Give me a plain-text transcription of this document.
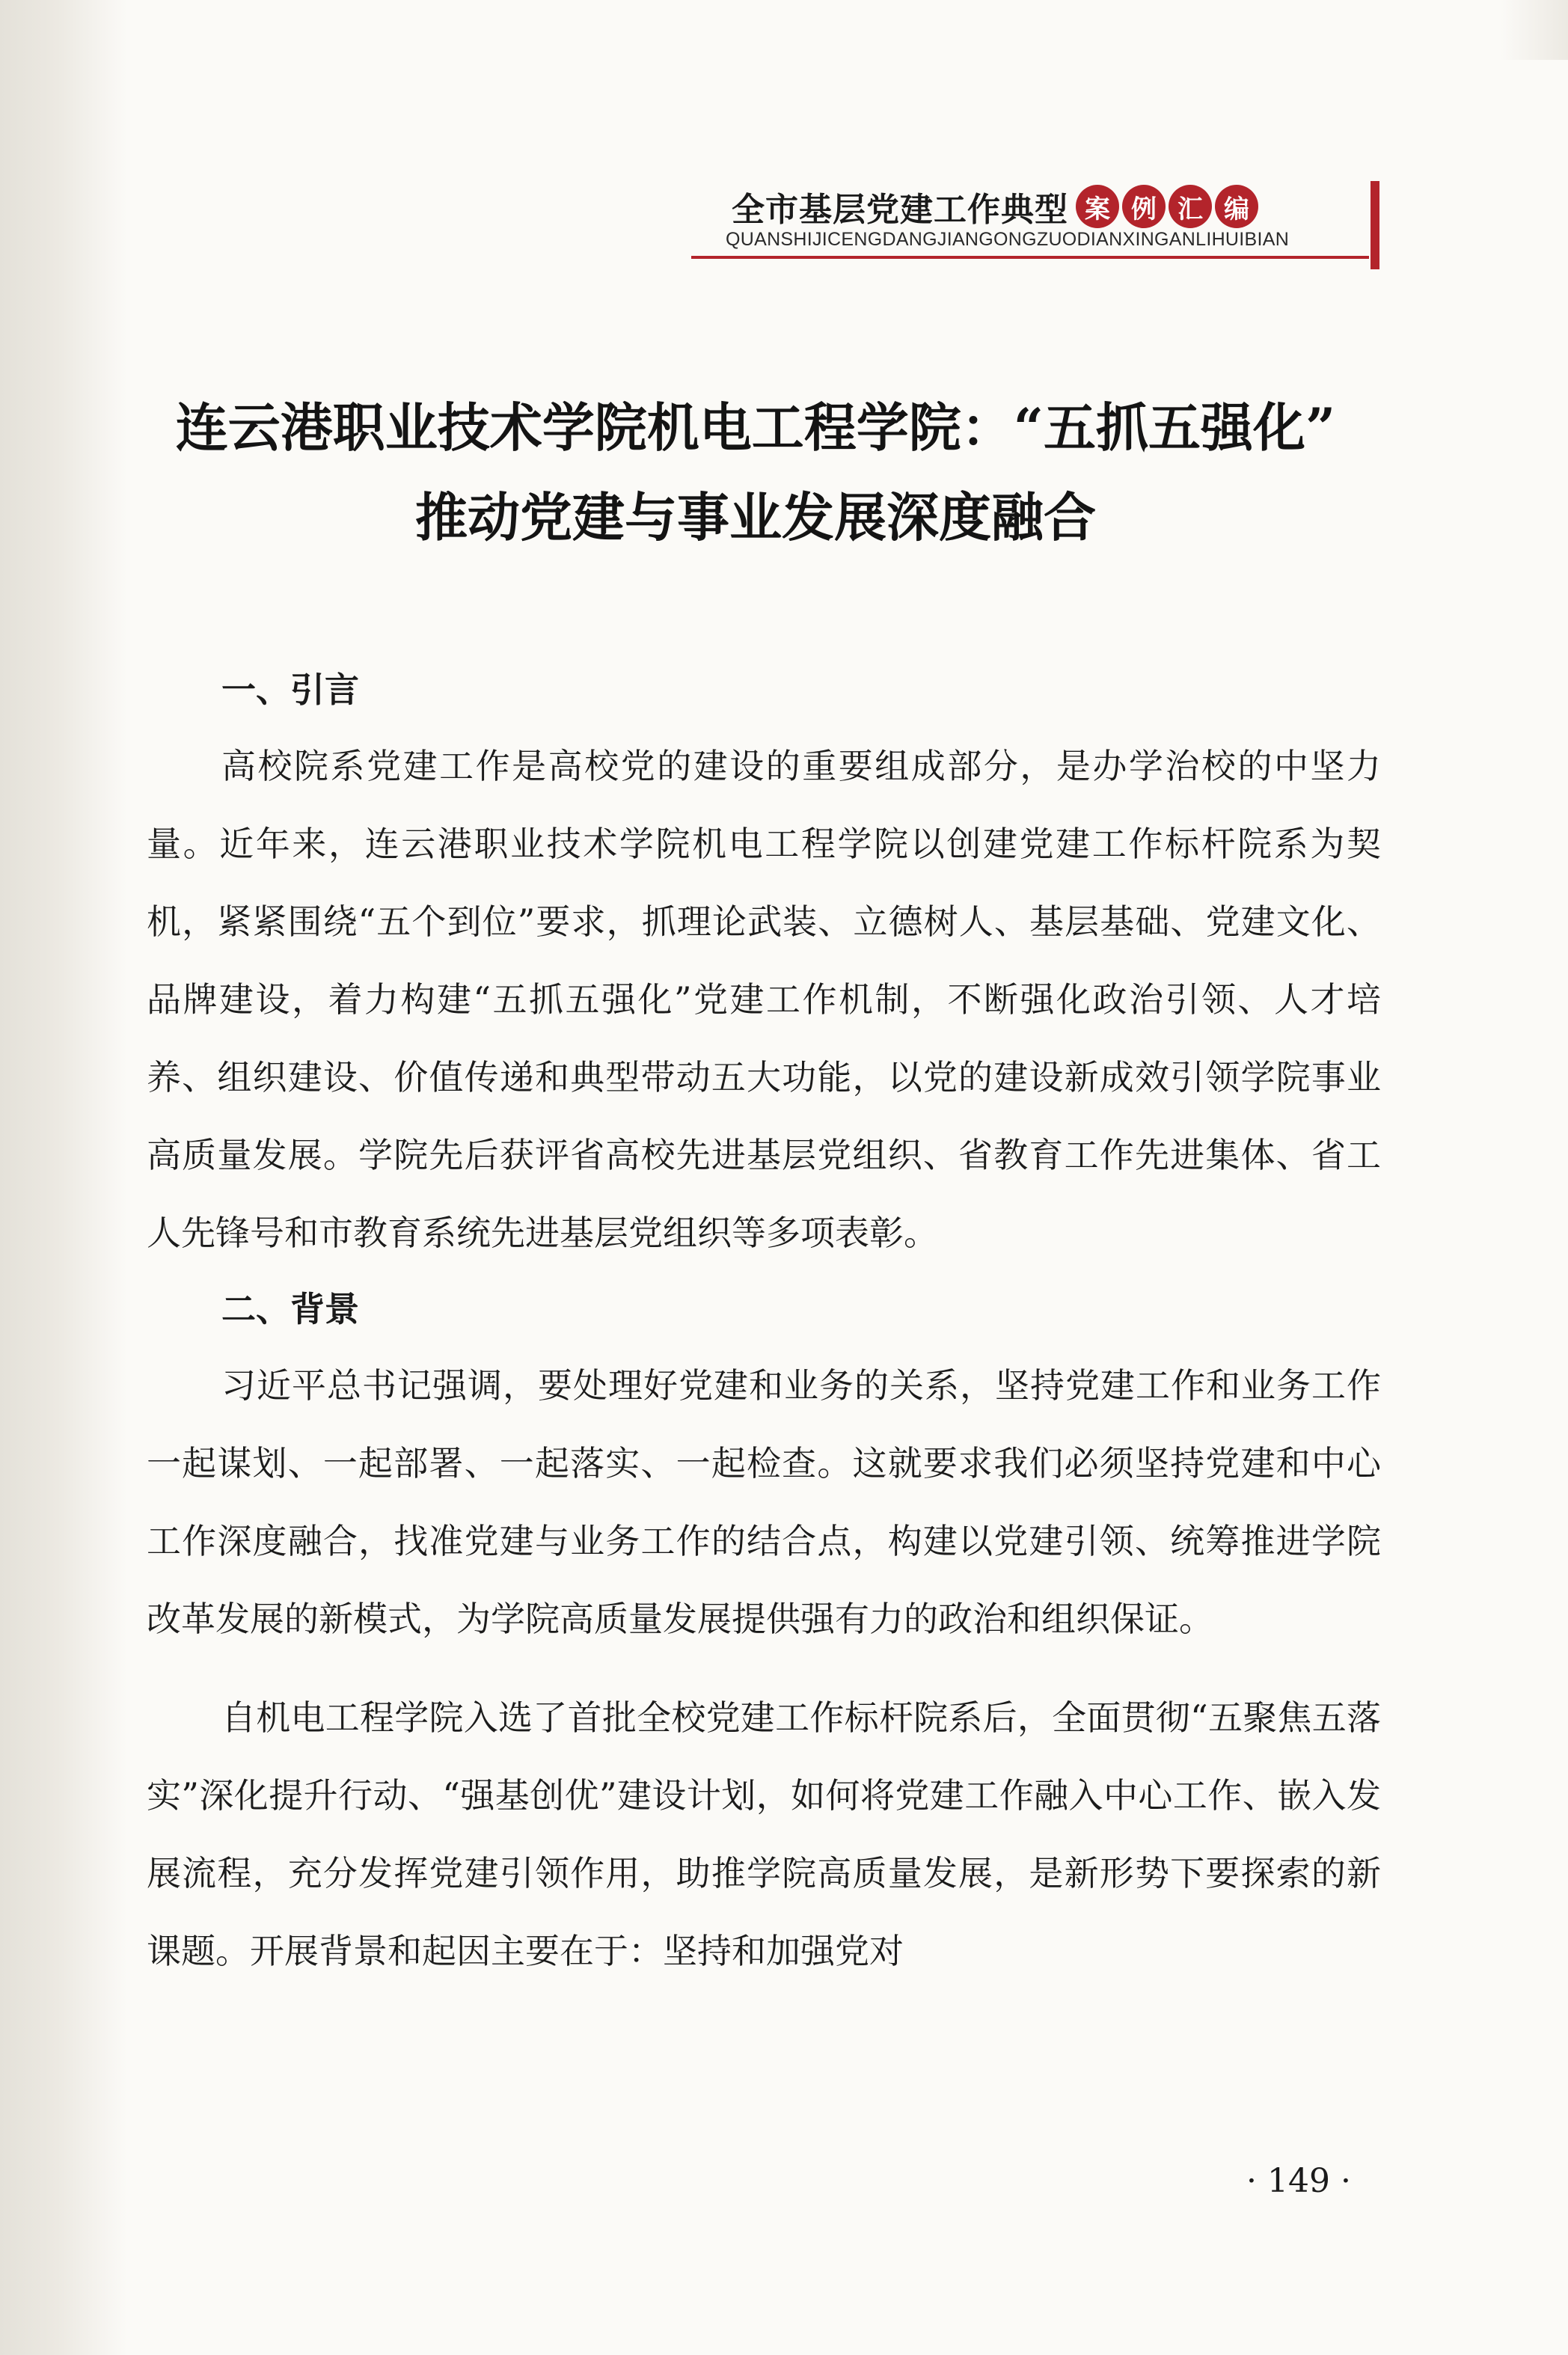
全市基层党建工作典型 案 例 汇 编
QUANSHIJICENGDANGJIANGONGZUODIANXINGANLIHUIBIAN
连云港职业技术学院机电工程学院：“五抓五强化”
推动党建与事业发展深度融合
一、引言

高校院系党建工作是高校党的建设的重要组成部分，是办学治校的中坚力量。近年来，连云港职业技术学院机电工程学院以创建党建工作标杆院系为契机，紧紧围绕“五个到位”要求，抓理论武装、立德树人、基层基础、党建文化、品牌建设，着力构建“五抓五强化”党建工作机制，不断强化政治引领、人才培养、组织建设、价值传递和典型带动五大功能，以党的建设新成效引领学院事业高质量发展。学院先后获评省高校先进基层党组织、省教育工作先进集体、省工人先锋号和市教育系统先进基层党组织等多项表彰。

二、背景

习近平总书记强调，要处理好党建和业务的关系，坚持党建工作和业务工作一起谋划、一起部署、一起落实、一起检查。这就要求我们必须坚持党建和中心工作深度融合，找准党建与业务工作的结合点，构建以党建引领、统筹推进学院改革发展的新模式，为学院高质量发展提供强有力的政治和组织保证。

自机电工程学院入选了首批全校党建工作标杆院系后，全面贯彻“五聚焦五落实”深化提升行动、“强基创优”建设计划，如何将党建工作融入中心工作、嵌入发展流程，充分发挥党建引领作用，助推学院高质量发展，是新形势下要探索的新课题。开展背景和起因主要在于：坚持和加强党对

· 149 ·
